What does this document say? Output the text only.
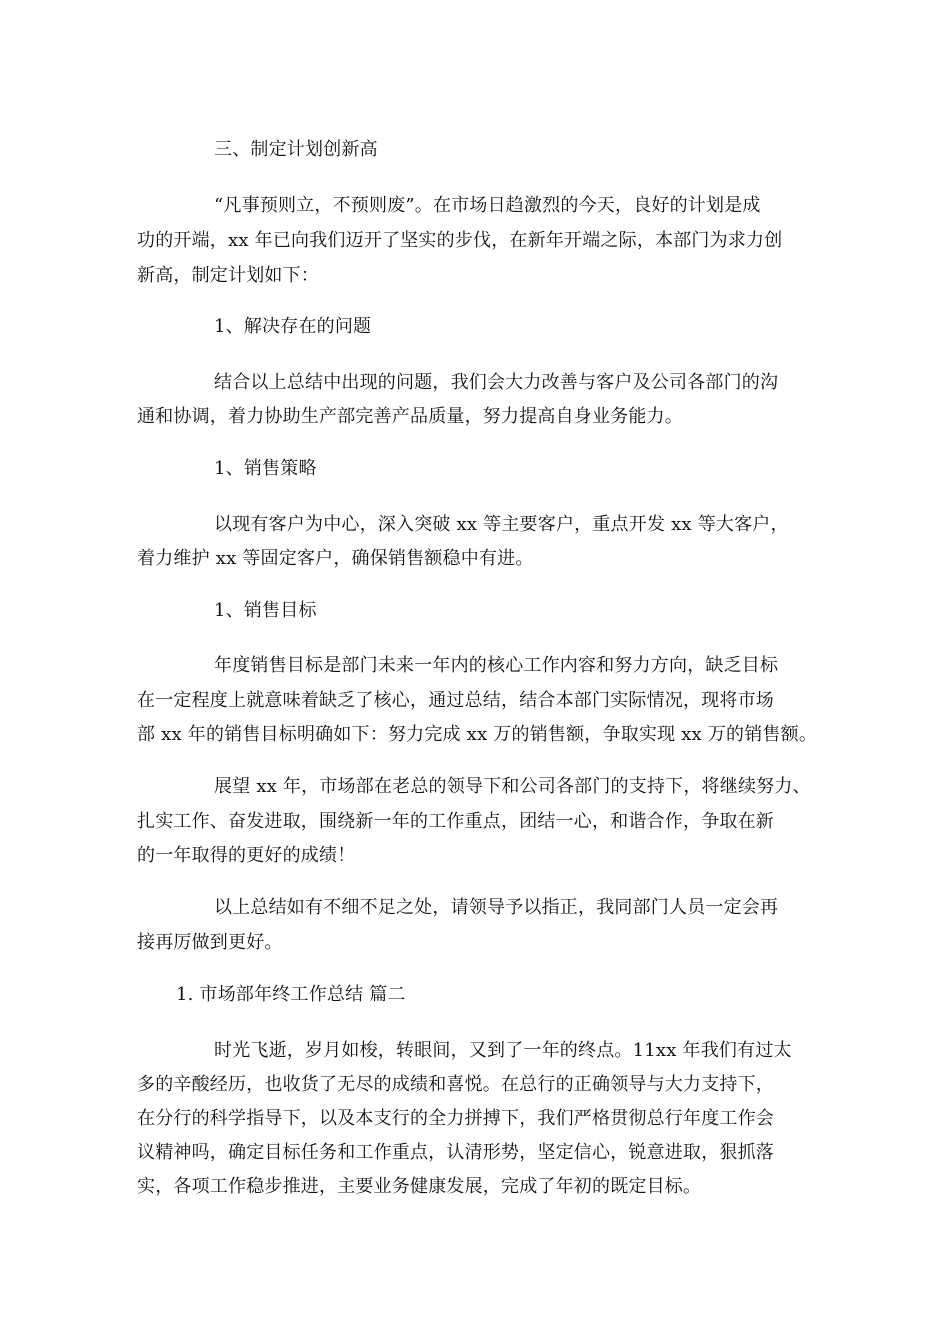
三、制定计划创新高
“凡事预则立，不预则废”。在市场日趋激烈的今天，良好的计划是成
功的开端，xx 年已向我们迈开了坚实的步伐，在新年开端之际，本部门为求力创
新高，制定计划如下：
1、解决存在的问题
结合以上总结中出现的问题，我们会大力改善与客户及公司各部门的沟
通和协调，着力协助生产部完善产品质量，努力提高自身业务能力。
1、销售策略
以现有客户为中心，深入突破 xx 等主要客户，重点开发 xx 等大客户，
着力维护 xx 等固定客户，确保销售额稳中有进。
1、销售目标
年度销售目标是部门未来一年内的核心工作内容和努力方向，缺乏目标
在一定程度上就意味着缺乏了核心，通过总结，结合本部门实际情况，现将市场
部 xx 年的销售目标明确如下：努力完成 xx 万的销售额，争取实现 xx 万的销售额。
展望 xx 年，市场部在老总的领导下和公司各部门的支持下，将继续努力、
扎实工作、奋发进取，围绕新一年的工作重点，团结一心，和谐合作，争取在新
的一年取得的更好的成绩！
以上总结如有不细不足之处，请领导予以指正，我同部门人员一定会再
接再厉做到更好。
1. 市场部年终工作总结 篇二
时光飞逝，岁月如梭，转眼间，又到了一年的终点。11xx 年我们有过太
多的辛酸经历，也收货了无尽的成绩和喜悦。在总行的正确领导与大力支持下，
在分行的科学指导下，以及本支行的全力拼搏下，我们严格贯彻总行年度工作会
议精神吗，确定目标任务和工作重点，认清形势，坚定信心，锐意进取，狠抓落
实，各项工作稳步推进，主要业务健康发展，完成了年初的既定目标。
